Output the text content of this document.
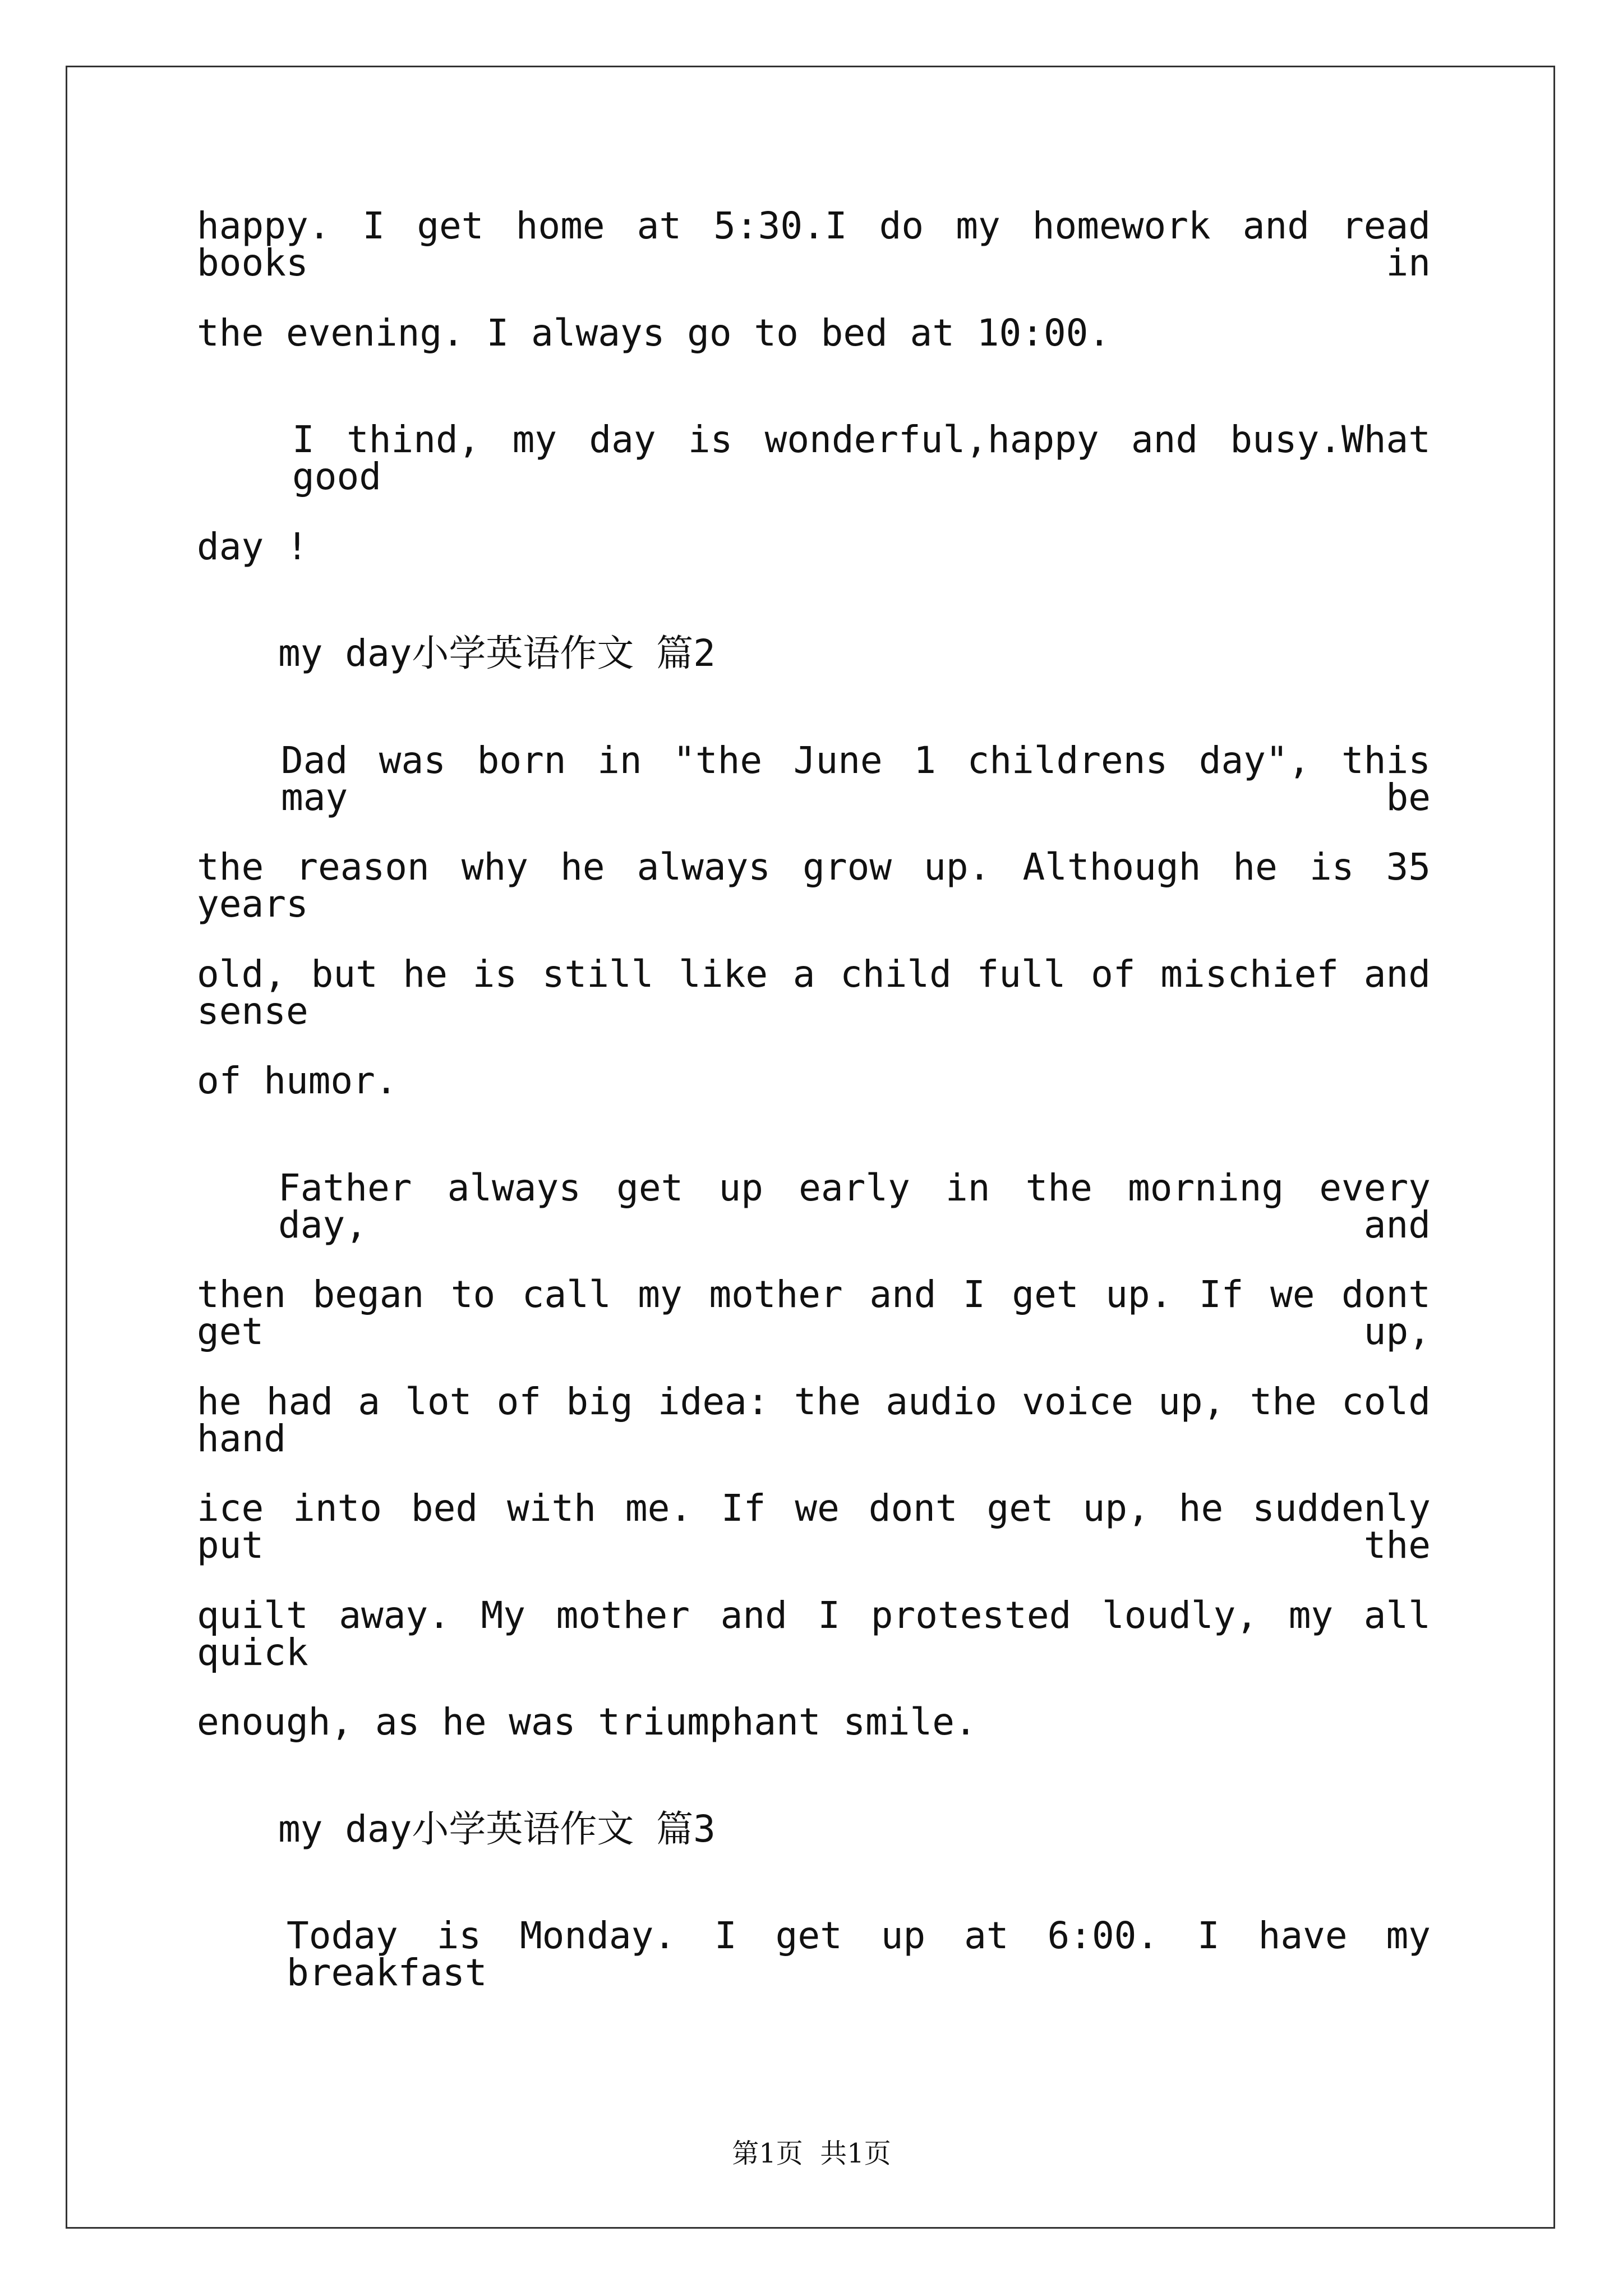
happy. I get home at 5:30.I do my homework and read books in
the evening. I always go to bed at 10:00.
I thind, my day is wonderful,happy and busy.What good
day !
my day小学英语作文 篇2
Dad was born in "the June 1 childrens day", this may be
the reason why he always grow up. Although he is 35 years
old, but he is still like a child full of mischief and sense
of humor.
Father always get up early in the morning every day, and
then began to call my mother and I get up. If we dont get up,
he had a lot of big idea: the audio voice up, the cold hand
ice into bed with me. If we dont get up, he suddenly put the
quilt away. My mother and I protested loudly, my all quick
enough, as he was triumphant smile.
my day小学英语作文 篇3
Today is Monday. I get up at 6:00. I have my breakfast
第1页  共1页
